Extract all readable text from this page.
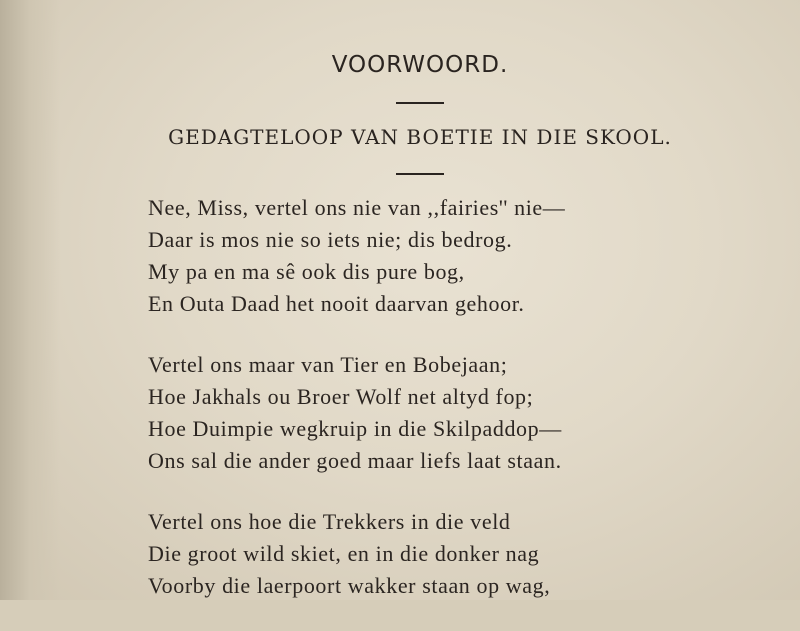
VOORWOORD.
GEDAGTELOOP VAN BOETIE IN DIE SKOOL.
Nee, Miss, vertel ons nie van ,,fairies'' nie—
Daar is mos nie so iets nie; dis bedrog.
My pa en ma sê ook dis pure bog,
En Outa Daad het nooit daarvan gehoor.
Vertel ons maar van Tier en Bobejaan;
Hoe Jakhals ou Broer Wolf net altyd fop;
Hoe Duimpie wegkruip in die Skilpaddop—
Ons sal die ander goed maar liefs laat staan.
Vertel ons hoe die Trekkers in die veld
Die groot wild skiet, en in die donker nag
Voorby die laerpoort wakker staan op wag,
